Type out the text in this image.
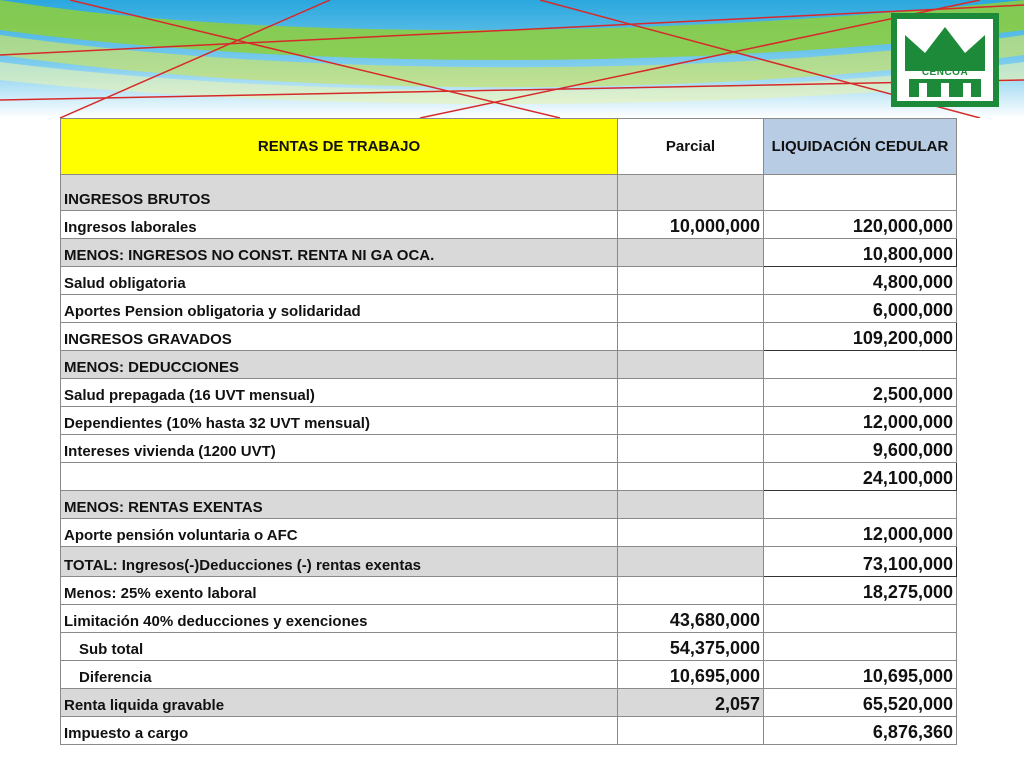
CENCOA
RENTAS DE TRABAJO	Parcial	LIQUIDACIÓN CEDULAR
INGRESOS BRUTOS		
Ingresos laborales	10,000,000	120,000,000
MENOS: INGRESOS NO CONST. RENTA NI GA OCA.		10,800,000
Salud obligatoria		4,800,000
Aportes Pension obligatoria y solidaridad		6,000,000
INGRESOS GRAVADOS		109,200,000
MENOS: DEDUCCIONES		
Salud prepagada (16 UVT mensual)		2,500,000
Dependientes (10% hasta 32 UVT mensual)		12,000,000
Intereses vivienda (1200 UVT)		9,600,000
		24,100,000
MENOS: RENTAS EXENTAS		
Aporte pensión voluntaria o AFC		12,000,000
TOTAL: Ingresos(-)Deducciones (-) rentas exentas		73,100,000
Menos: 25% exento laboral		18,275,000
Limitación 40% deducciones y exenciones	43,680,000	
Sub total	54,375,000	
Diferencia	10,695,000	10,695,000
Renta liquida gravable	2,057	65,520,000
Impuesto a cargo		6,876,360
